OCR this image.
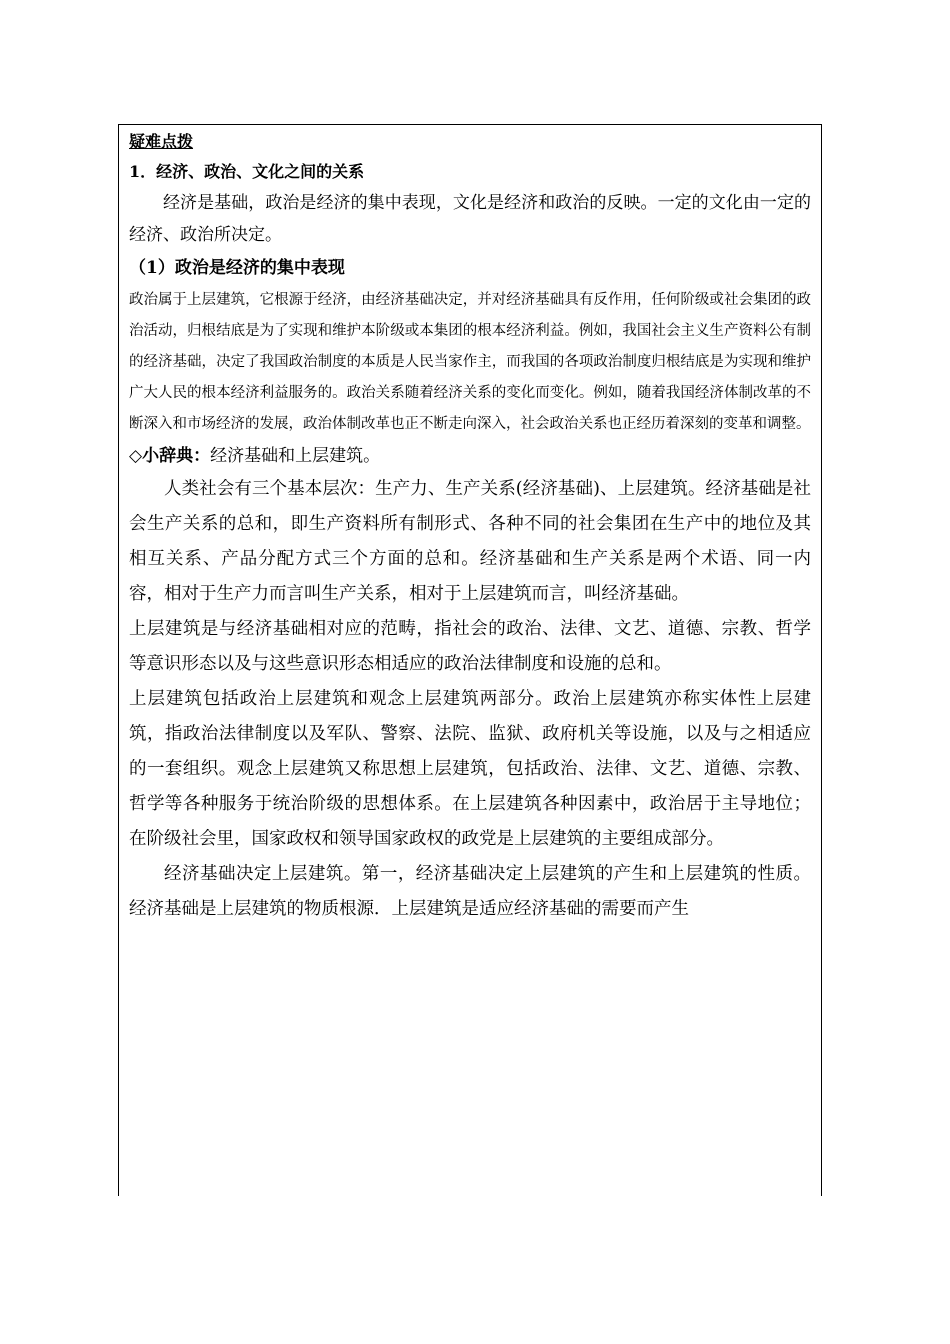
疑难点拨

1．经济、政治、文化之间的关系

经济是基础，政治是经济的集中表现，文化是经济和政治的反映。一定的文化由一定的经济、政治所决定。

（1）政治是经济的集中表现

政治属于上层建筑，它根源于经济，由经济基础决定，并对经济基础具有反作用，任何阶级或社会集团的政治活动，归根结底是为了实现和维护本阶级或本集团的根本经济利益。例如，我国社会主义生产资料公有制的经济基础，决定了我国政治制度的本质是人民当家作主，而我国的各项政治制度归根结底是为实现和维护广大人民的根本经济利益服务的。政治关系随着经济关系的变化而变化。例如，随着我国经济体制改革的不断深入和市场经济的发展，政治体制改革也正不断走向深入，社会政治关系也正经历着深刻的变革和调整。

◇小辞典：经济基础和上层建筑。

人类社会有三个基本层次：生产力、生产关系(经济基础)、上层建筑。经济基础是社会生产关系的总和，即生产资料所有制形式、各种不同的社会集团在生产中的地位及其相互关系、产品分配方式三个方面的总和。经济基础和生产关系是两个术语、同一内容，相对于生产力而言叫生产关系，相对于上层建筑而言，叫经济基础。

上层建筑是与经济基础相对应的范畴，指社会的政治、法律、文艺、道德、宗教、哲学等意识形态以及与这些意识形态相适应的政治法律制度和设施的总和。

上层建筑包括政治上层建筑和观念上层建筑两部分。政治上层建筑亦称实体性上层建筑，指政治法律制度以及军队、警察、法院、监狱、政府机关等设施，以及与之相适应的一套组织。观念上层建筑又称思想上层建筑，包括政治、法律、文艺、道德、宗教、哲学等各种服务于统治阶级的思想体系。在上层建筑各种因素中，政治居于主导地位；在阶级社会里，国家政权和领导国家政权的政党是上层建筑的主要组成部分。

经济基础决定上层建筑。第一，经济基础决定上层建筑的产生和上层建筑的性质。经济基础是上层建筑的物质根源．上层建筑是适应经济基础的需要而产生
